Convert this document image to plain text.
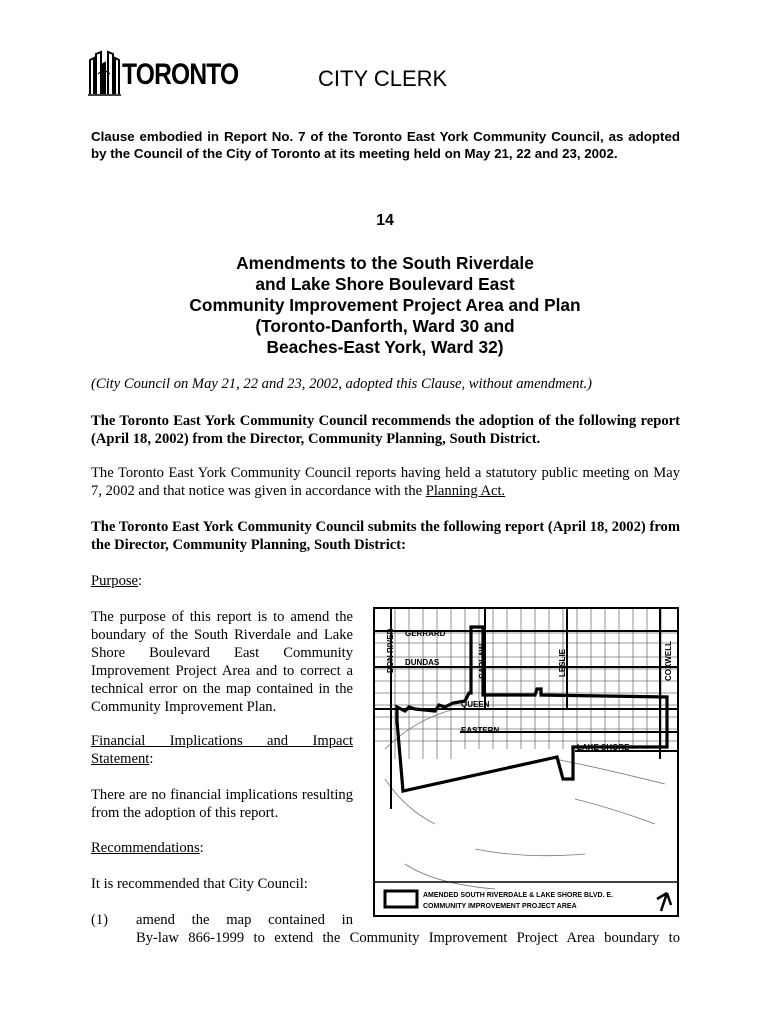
TORONTO	CITY CLERK
Clause embodied in Report No. 7 of the Toronto East York Community Council, as adopted by the Council of the City of Toronto at its meeting held on May 21, 22 and 23, 2002.
14
Amendments to the South Riverdale
and Lake Shore Boulevard East
Community Improvement Project Area and Plan
(Toronto-Danforth, Ward 30 and
Beaches-East York, Ward 32)
(City Council on May 21, 22 and 23, 2002, adopted this Clause, without amendment.)
The Toronto East York Community Council recommends the adoption of the following report (April 18, 2002) from the Director, Community Planning, South District.
The Toronto East York Community Council reports having held a statutory public meeting on May 7, 2002 and that notice was given in accordance with the Planning Act.
The Toronto East York Community Council submits the following report (April 18, 2002) from the Director, Community Planning, South District:
Purpose:
The purpose of this report is to amend the boundary of the South Riverdale and Lake Shore Boulevard East Community Improvement Project Area and to correct a technical error on the map contained in the Community Improvement Plan.
Financial Implications and Impact Statement:
There are no financial implications resulting from the adoption of this report.
Recommendations:
It is recommended that City Council:
(1) amend the map contained in
By-law 866-1999 to extend the Community Improvement Project Area boundary to
DON RIVER GERRARD
DUNDAS	CARLAW	LESLIE	COXWELL
QUEEN
EASTERN
LAKE SHORE
AMENDED SOUTH RIVERDALE & LAKE SHORE BLVD. E.
COMMUNITY IMPROVEMENT PROJECT AREA
